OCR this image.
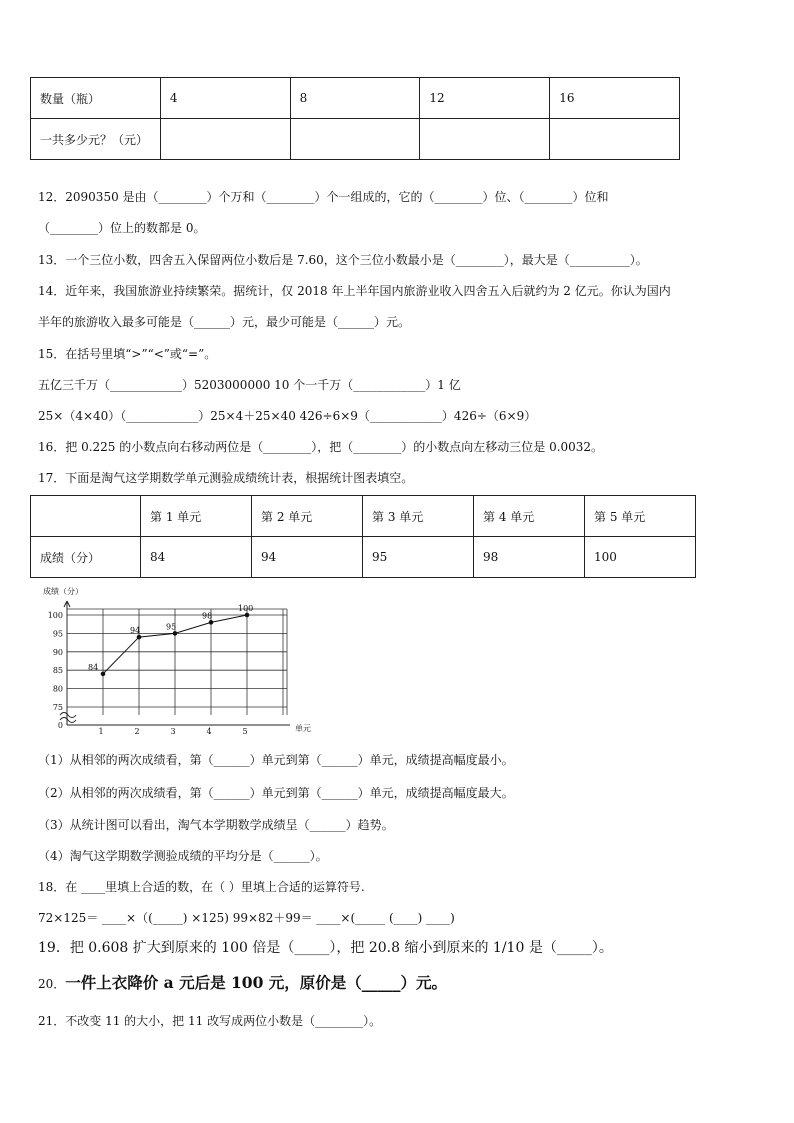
数量（瓶）	4	8	12	16
一共多少元？（元）				
12．2090350 是由（________）个万和（________）个一组成的，它的（________）位、（________）位和
（________）位上的数都是 0。
13．一个三位小数，四舍五入保留两位小数后是 7.60，这个三位小数最小是（________），最大是（__________）。
14．近年来，我国旅游业持续繁荣。据统计，仅 2018 年上半年国内旅游业收入四舍五入后就约为 2 亿元。你认为国内
半年的旅游收入最多可能是（______）元，最少可能是（______）元。
15．在括号里填“>”“<”或“=”。
五亿三千万（____________）5203000000 10 个一千万（____________）1 亿
25×（4×40）（____________）25×4＋25×40 426÷6×9（____________）426÷（6×9）
16．把 0.225 的小数点向右移动两位是（________），把（________）的小数点向左移动三位是 0.0032。
17．下面是淘气这学期数学单元测验成绩统计表，根据统计图表填空。
	第 1 单元	第 2 单元	第 3 单元	第 4 单元	第 5 单元
成绩（分）	84	94	95	98	100
成绩（分）
单元
0
75
80
85
90
95
100
1	2	3	4	5
84
94	95
98
100
（1）从相邻的两次成绩看，第（______）单元到第（______）单元，成绩提高幅度最小。
（2）从相邻的两次成绩看，第（______）单元到第（______）单元，成绩提高幅度最大。
（3）从统计图可以看出，淘气本学期数学成绩呈（______）趋势。
（4）淘气这学期数学测验成绩的平均分是（______）。
18．在 ____里填上合适的数，在（ ）里填上合适的运算符号.
72×125＝ ____×（(_____) ×125) 99×82＋99＝ ____×(_____ (____) ____)
19．把 0.608 扩大到原来的 100 倍是（_____），把 20.8 缩小到原来的 1/10 是（_____）。
20．一件上衣降价 a 元后是 100 元，原价是（_____）元。
21．不改变 11 的大小，把 11 改写成两位小数是（________）。
